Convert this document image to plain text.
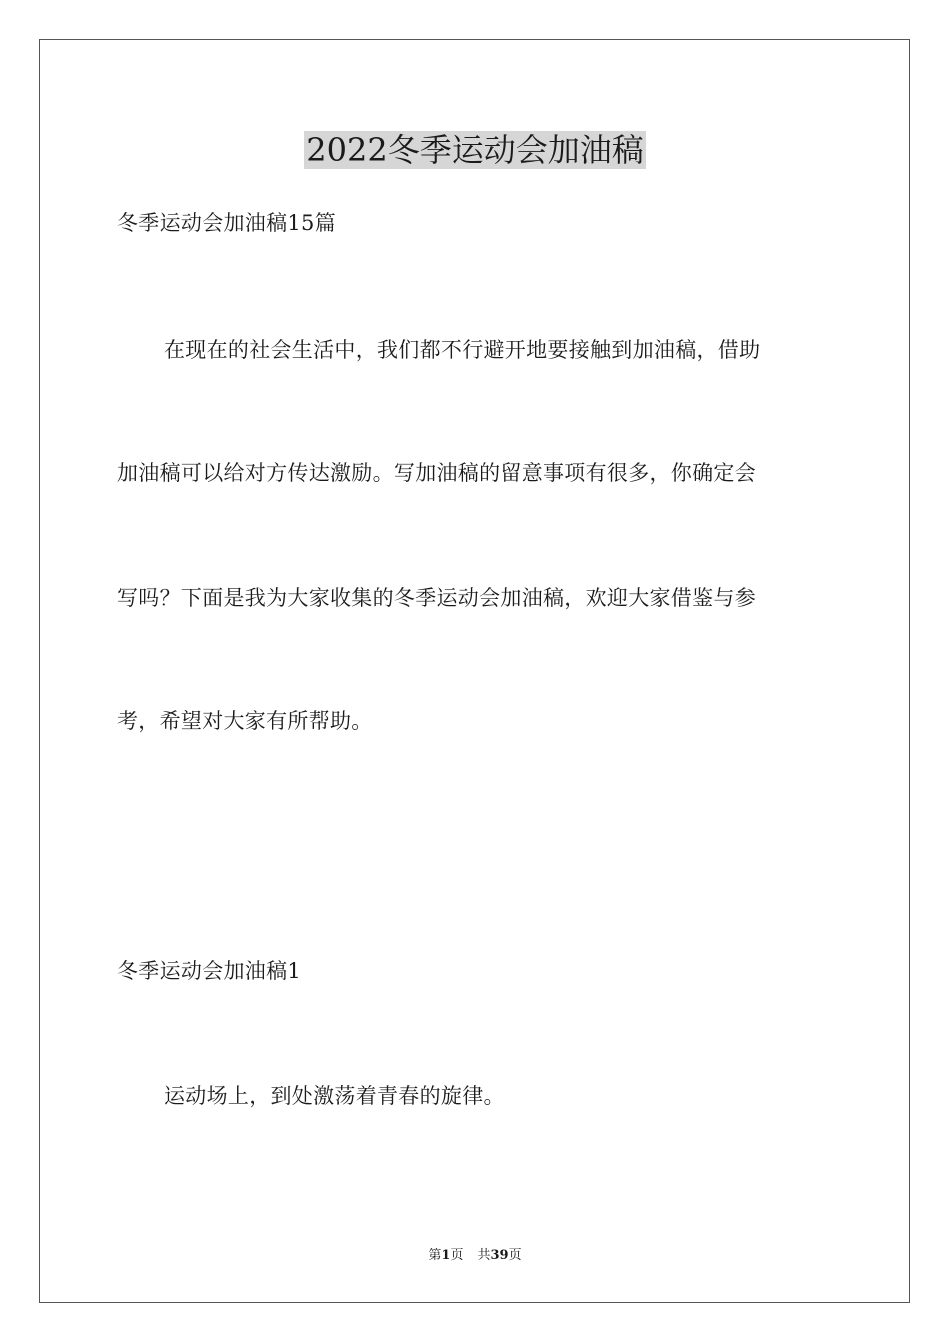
2022冬季运动会加油稿
冬季运动会加油稿15篇
在现在的社会生活中，我们都不行避开地要接触到加油稿，借助
加油稿可以给对方传达激励。写加油稿的留意事项有很多，你确定会
写吗？下面是我为大家收集的冬季运动会加油稿，欢迎大家借鉴与参
考，希望对大家有所帮助。
冬季运动会加油稿1
运动场上，到处激荡着青春的旋律。
第1页 共39页
